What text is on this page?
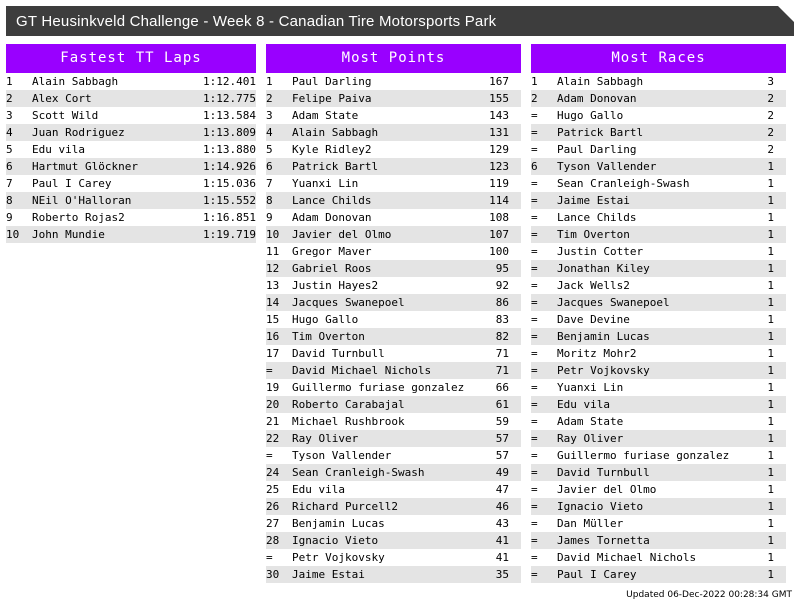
GT Heusinkveld Challenge - Week 8 - Canadian Tire Motorsports Park
Fastest TT Laps
1	Alain Sabbagh	1:12.401
2	Alex Cort	1:12.775
3	Scott Wild	1:13.584
4	Juan Rodriguez	1:13.809
5	Edu vila	1:13.880
6	Hartmut Glöckner	1:14.926
7	Paul I Carey	1:15.036
8	NEil O'Halloran	1:15.552
9	Roberto Rojas2	1:16.851
10	John Mundie	1:19.719
Most Points
1	Paul Darling	167
2	Felipe Paiva	155
3	Adam State	143
4	Alain Sabbagh	131
5	Kyle Ridley2	129
6	Patrick Bartl	123
7	Yuanxi Lin	119
8	Lance Childs	114
9	Adam Donovan	108
10	Javier del Olmo	107
11	Gregor Maver	100
12	Gabriel Roos	95
13	Justin Hayes2	92
14	Jacques Swanepoel	86
15	Hugo Gallo	83
16	Tim Overton	82
17	David Turnbull	71
=	David Michael Nichols	71
19	Guillermo furiase gonzalez	66
20	Roberto Carabajal	61
21	Michael Rushbrook	59
22	Ray Oliver	57
=	Tyson Vallender	57
24	Sean Cranleigh-Swash	49
25	Edu vila	47
26	Richard Purcell2	46
27	Benjamin Lucas	43
28	Ignacio Vieto	41
=	Petr Vojkovsky	41
30	Jaime Estai	35
Most Races
1	Alain Sabbagh	3
2	Adam Donovan	2
=	Hugo Gallo	2
=	Patrick Bartl	2
=	Paul Darling	2
6	Tyson Vallender	1
=	Sean Cranleigh-Swash	1
=	Jaime Estai	1
=	Lance Childs	1
=	Tim Overton	1
=	Justin Cotter	1
=	Jonathan Kiley	1
=	Jack Wells2	1
=	Jacques Swanepoel	1
=	Dave Devine	1
=	Benjamin Lucas	1
=	Moritz Mohr2	1
=	Petr Vojkovsky	1
=	Yuanxi Lin	1
=	Edu vila	1
=	Adam State	1
=	Ray Oliver	1
=	Guillermo furiase gonzalez	1
=	David Turnbull	1
=	Javier del Olmo	1
=	Ignacio Vieto	1
=	Dan Müller	1
=	James Tornetta	1
=	David Michael Nichols	1
=	Paul I Carey	1
Updated 06-Dec-2022 00:28:34 GMT
